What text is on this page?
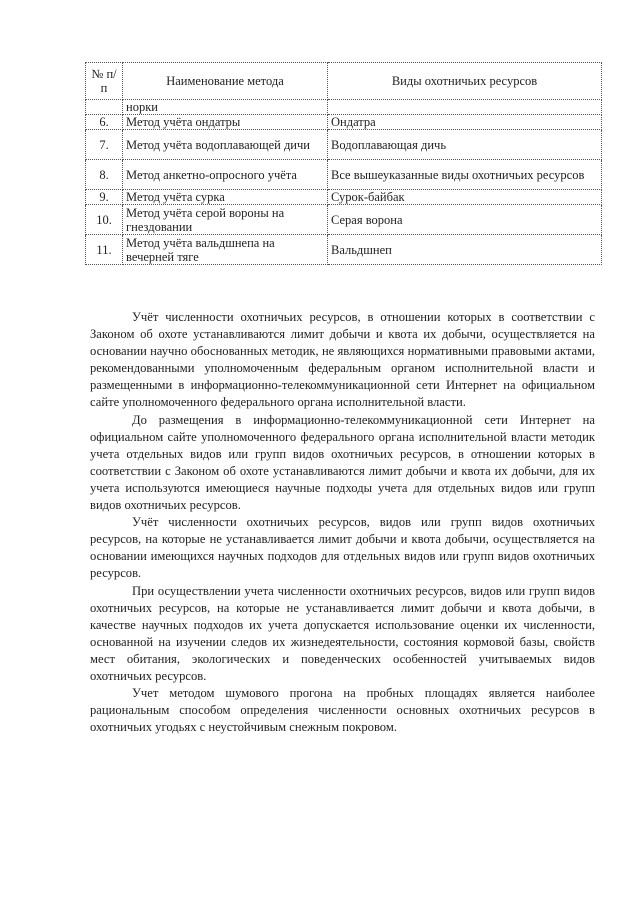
№ п/п	Наименование метода	Виды охотничьих ресурсов
	норки	
6.	Метод учёта ондатры	Ондатра
7.	Метод учёта водоплавающей дичи	Водоплавающая дичь
8.	Метод анкетно-опросного учёта	Все вышеуказанные виды охотничьих ресурсов
9.	Метод учёта сурка	Сурок-байбак
10.	Метод учёта серой вороны на гнездовании	Серая ворона
11.	Метод учёта вальдшнепа на вечерней тяге	Вальдшнеп

Учёт численности охотничьих ресурсов, в отношении которых в соответствии с Законом об охоте устанавливаются лимит добычи и квота их добычи, осуществляется на основании научно обоснованных методик, не являющихся нормативными правовыми актами, рекомендованными уполномоченным федеральным органом исполнительной власти и размещенными в информационно-телекоммуникационной сети Интернет на официальном сайте уполномоченного федерального органа исполнительной власти.

До размещения в информационно-телекоммуникационной сети Интернет на официальном сайте уполномоченного федерального органа исполнительной власти методик учета отдельных видов или групп видов охотничьих ресурсов, в отношении которых в соответствии с Законом об охоте устанавливаются лимит добычи и квота их добычи, для их учета используются имеющиеся научные подходы учета для отдельных видов или групп видов охотничьих ресурсов.

Учёт численности охотничьих ресурсов, видов или групп видов охотничьих ресурсов, на которые не устанавливается лимит добычи и квота добычи, осуществляется на основании имеющихся научных подходов для отдельных видов или групп видов охотничьих ресурсов.

При осуществлении учета численности охотничьих ресурсов, видов или групп видов охотничьих ресурсов, на которые не устанавливается лимит добычи и квота добычи, в качестве научных подходов их учета допускается использование оценки их численности, основанной на изучении следов их жизнедеятельности, состояния кормовой базы, свойств мест обитания, экологических и поведенческих особенностей учитываемых видов охотничьих ресурсов.

Учет методом шумового прогона на пробных площадях является наиболее рациональным способом определения численности основных охотничьих ресурсов в охотничьих угодьях с неустойчивым снежным покровом.
